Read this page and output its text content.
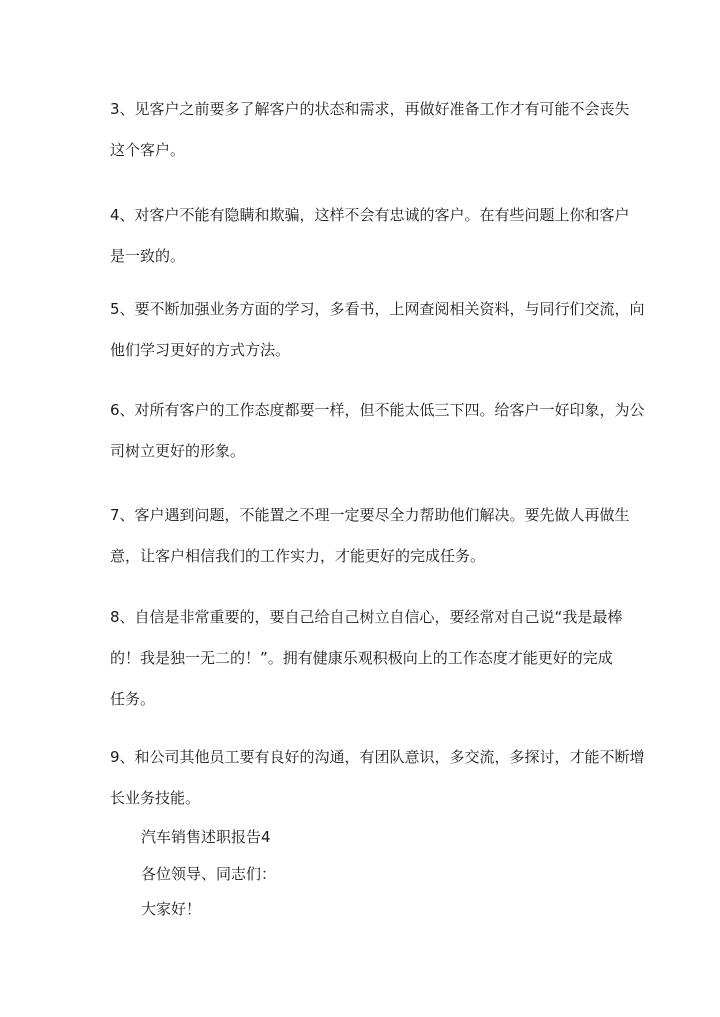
3、见客户之前要多了解客户的状态和需求，再做好准备工作才有可能不会丧失
这个客户。
4、对客户不能有隐瞒和欺骗，这样不会有忠诚的客户。在有些问题上你和客户
是一致的。
5、要不断加强业务方面的学习，多看书，上网查阅相关资料，与同行们交流，向
他们学习更好的方式方法。
6、对所有客户的工作态度都要一样，但不能太低三下四。给客户一好印象，为公
司树立更好的形象。
7、客户遇到问题，不能置之不理一定要尽全力帮助他们解决。要先做人再做生
意，让客户相信我们的工作实力，才能更好的完成任务。
8、自信是非常重要的，要自己给自己树立自信心，要经常对自己说“我是最棒
的！我是独一无二的！”。拥有健康乐观积极向上的工作态度才能更好的完成
任务。
9、和公司其他员工要有良好的沟通，有团队意识，多交流，多探讨，才能不断增
长业务技能。
汽车销售述职报告4
各位领导、同志们：
大家好！
